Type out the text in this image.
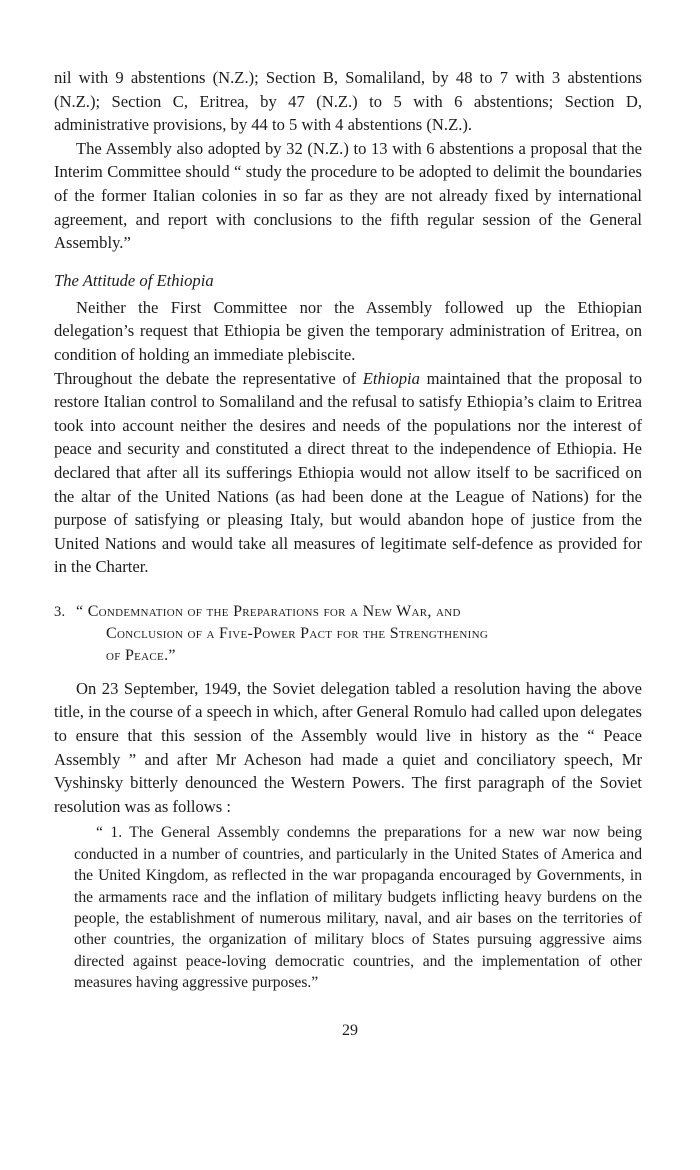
nil with 9 abstentions (N.Z.); Section B, Somaliland, by 48 to 7 with 3 abstentions (N.Z.); Section C, Eritrea, by 47 (N.Z.) to 5 with 6 abstentions; Section D, administrative provisions, by 44 to 5 with 4 abstentions (N.Z.).

The Assembly also adopted by 32 (N.Z.) to 13 with 6 abstentions a proposal that the Interim Committee should “ study the procedure to be adopted to delimit the boundaries of the former Italian colonies in so far as they are not already fixed by international agreement, and report with conclusions to the fifth regular session of the General Assembly.”

The Attitude of Ethiopia

Neither the First Committee nor the Assembly followed up the Ethiopian delegation’s request that Ethiopia be given the temporary administration of Eritrea, on condition of holding an immediate plebiscite.

Throughout the debate the representative of Ethiopia maintained that the proposal to restore Italian control to Somaliland and the refusal to satisfy Ethiopia’s claim to Eritrea took into account neither the desires and needs of the populations nor the interest of peace and security and constituted a direct threat to the independence of Ethiopia. He declared that after all its sufferings Ethiopia would not allow itself to be sacrificed on the altar of the United Nations (as had been done at the League of Nations) for the purpose of satisfying or pleasing Italy, but would abandon hope of justice from the United Nations and would take all measures of legitimate self-defence as provided for in the Charter.

3. “ Condemnation of the Preparations for a New War, and
Conclusion of a Five-Power Pact for the Strengthening
of Peace.”

On 23 September, 1949, the Soviet delegation tabled a resolution having the above title, in the course of a speech in which, after General Romulo had called upon delegates to ensure that this session of the Assembly would live in history as the “ Peace Assembly ” and after Mr Acheson had made a quiet and conciliatory speech, Mr Vyshinsky bitterly denounced the Western Powers. The first paragraph of the Soviet resolution was as follows :

“ 1. The General Assembly condemns the preparations for a new war now being conducted in a number of countries, and particularly in the United States of America and the United Kingdom, as reflected in the war propaganda encouraged by Governments, in the armaments race and the inflation of military budgets inflicting heavy burdens on the people, the establishment of numerous military, naval, and air bases on the territories of other countries, the organization of military blocs of States pursuing aggressive aims directed against peace-loving democratic countries, and the implementation of other measures having aggressive purposes.”

29
